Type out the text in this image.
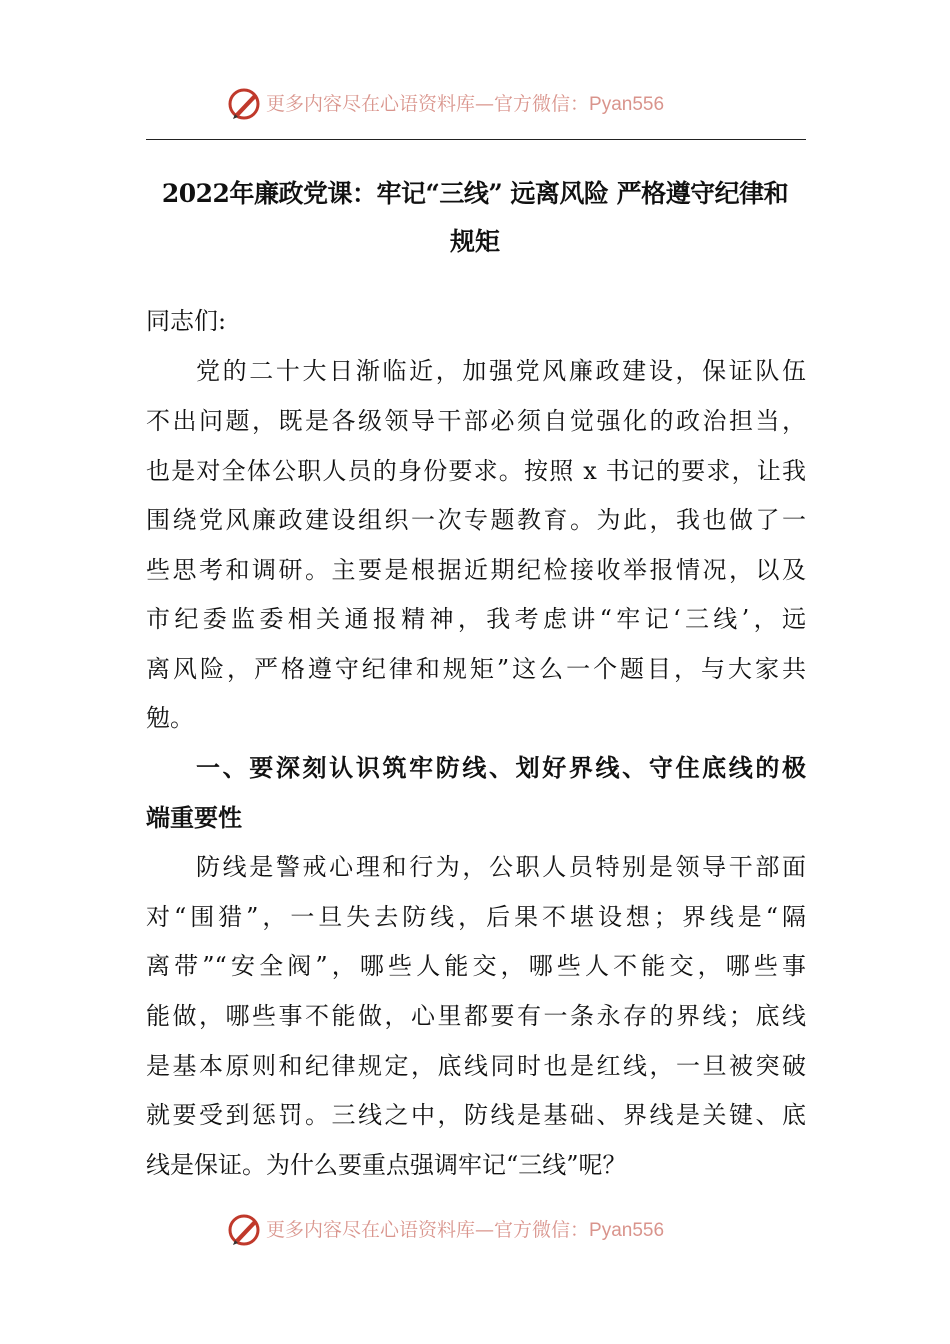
更多内容尽在心语资料库—官方微信：Pyan556
2022年廉政党课：牢记“三线” 远离风险 严格遵守纪律和
规矩
同志们:
党的二十大日渐临近，加强党风廉政建设，保证队伍
不出问题，既是各级领导干部必须自觉强化的政治担当，
也是对全体公职人员的身份要求。按照 x 书记的要求，让我
围绕党风廉政建设组织一次专题教育。为此，我也做了一
些思考和调研。主要是根据近期纪检接收举报情况，以及
市纪委监委相关通报精神，我考虑讲“牢记‘三线’，远
离风险，严格遵守纪律和规矩”这么一个题目，与大家共
勉。
一、要深刻认识筑牢防线、划好界线、守住底线的极
端重要性
防线是警戒心理和行为，公职人员特别是领导干部面
对“围猎”，一旦失去防线，后果不堪设想；界线是“隔
离带”“安全阀”，哪些人能交，哪些人不能交，哪些事
能做，哪些事不能做，心里都要有一条永存的界线；底线
是基本原则和纪律规定，底线同时也是红线，一旦被突破
就要受到惩罚。三线之中，防线是基础、界线是关键、底
线是保证。为什么要重点强调牢记“三线”呢？
更多内容尽在心语资料库—官方微信：Pyan556
